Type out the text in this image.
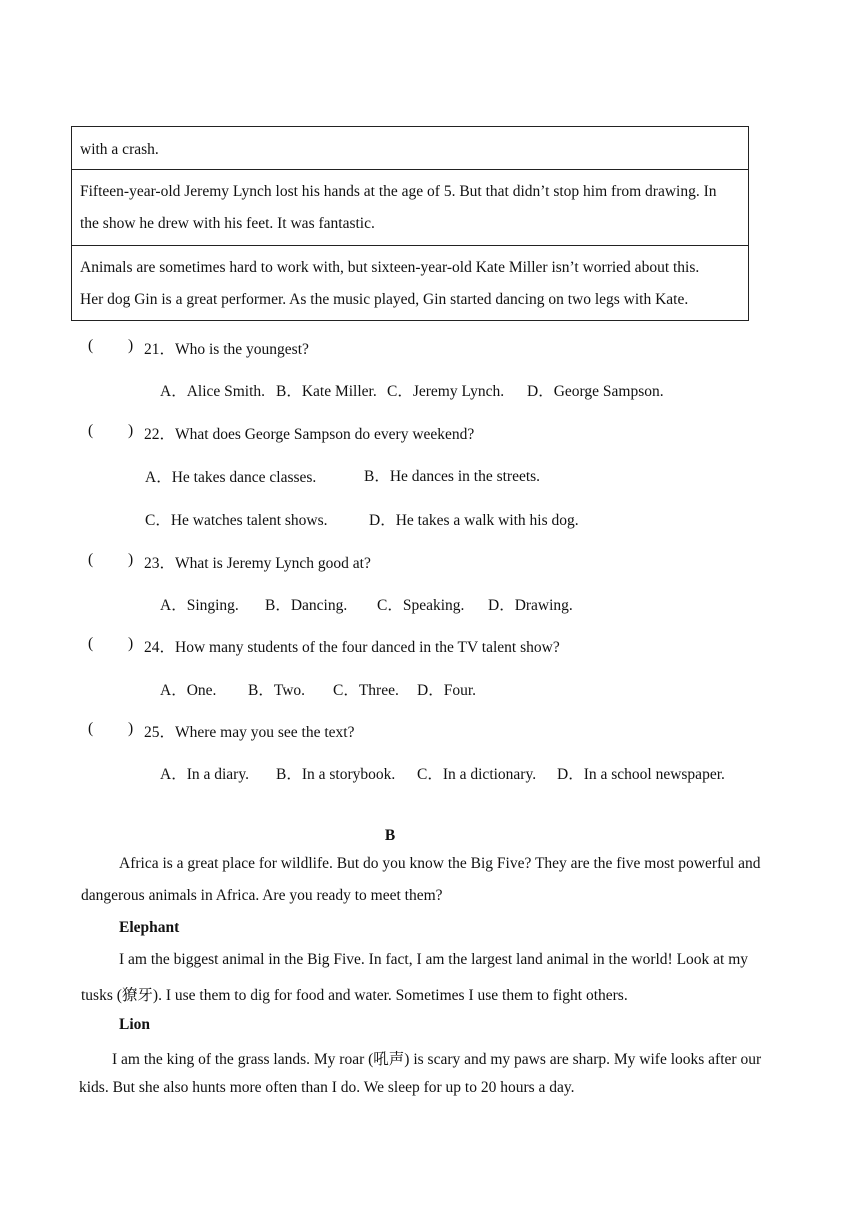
with a crash.
Fifteen-year-old Jeremy Lynch lost his hands at the age of 5. But that didn’t stop him from drawing. In
the show he drew with his feet. It was fantastic.
Animals are sometimes hard to work with, but sixteen-year-old Kate Miller isn’t worried about this.
Her dog Gin is a great performer. As the music played, Gin started dancing on two legs with Kate.
( ) 21．Who is the youngest?
A．Alice Smith. B．Kate Miller. C．Jeremy Lynch. D．George Sampson.
( ) 22．What does George Sampson do every weekend?
A．He takes dance classes.	B．He dances in the streets.
C．He watches talent shows.	D．He takes a walk with his dog.
( ) 23．What is Jeremy Lynch good at?
A．Singing. B．Dancing. C．Speaking. D．Drawing.
( ) 24．How many students of the four danced in the TV talent show?
A．One. B．Two. C．Three. D．Four.
( ) 25．Where may you see the text?
A．In a diary. B．In a storybook. C．In a dictionary. D．In a school newspaper.
B
Africa is a great place for wildlife. But do you know the Big Five? They are the five most powerful and
dangerous animals in Africa. Are you ready to meet them?
Elephant
I am the biggest animal in the Big Five. In fact, I am the largest land animal in the world! Look at my
tusks (獠牙). I use them to dig for food and water. Sometimes I use them to fight others.
Lion
I am the king of the grass lands. My roar (吼声) is scary and my paws are sharp. My wife looks after our
kids. But she also hunts more often than I do. We sleep for up to 20 hours a day.
